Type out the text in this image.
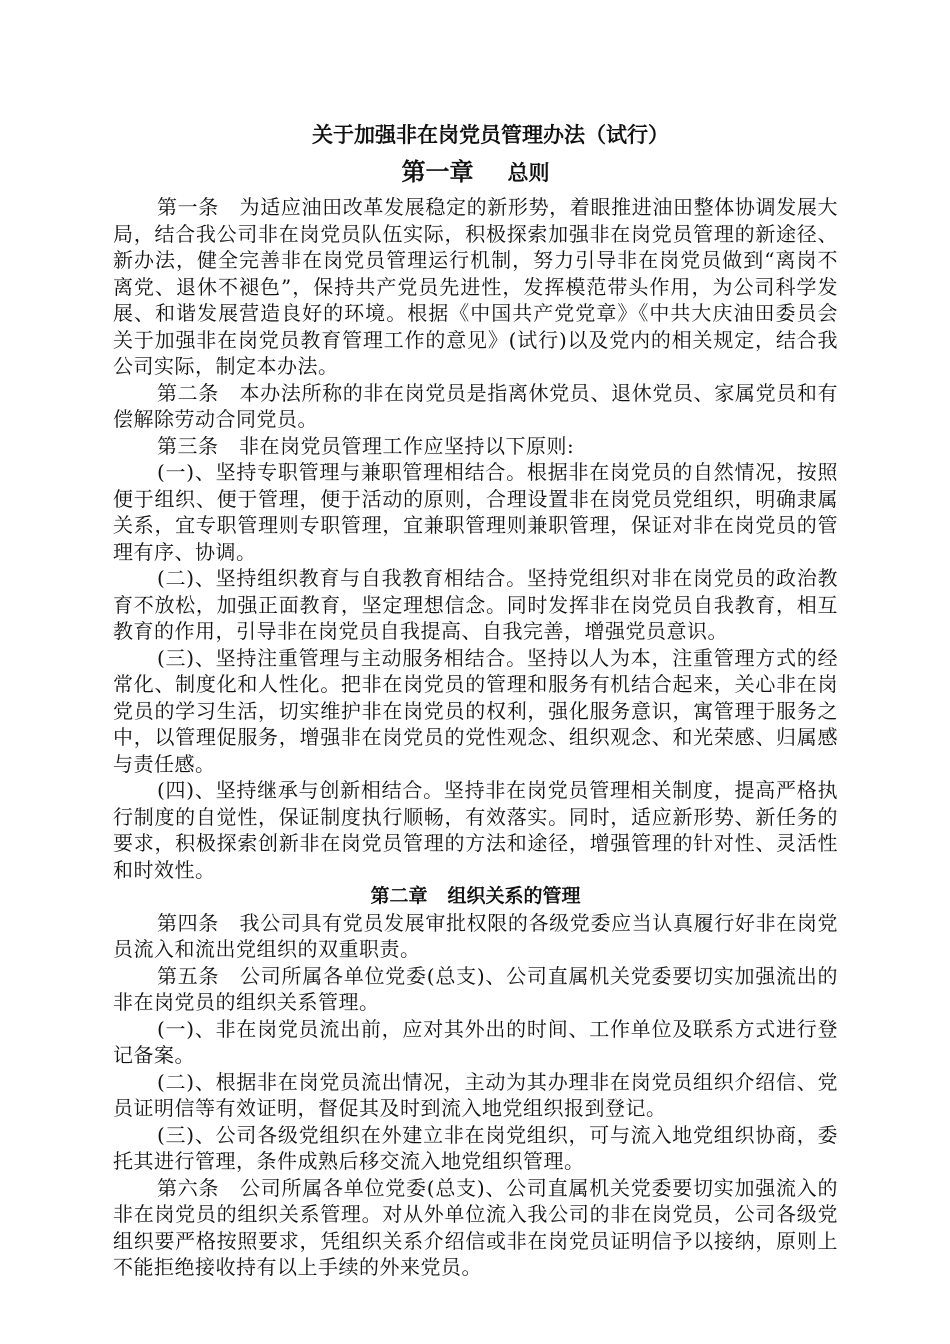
关于加强非在岗党员管理办法（试行）
第一章 总则

第一条　为适应油田改革发展稳定的新形势，着眼推进油田整体协调发展大局，结合我公司非在岗党员队伍实际，积极探索加强非在岗党员管理的新途径、新办法，健全完善非在岗党员管理运行机制，努力引导非在岗党员做到“离岗不离党、退休不褪色”，保持共产党员先进性，发挥模范带头作用，为公司科学发展、和谐发展营造良好的环境。根据《中国共产党党章》《中共大庆油田委员会关于加强非在岗党员教育管理工作的意见》(试行)以及党内的相关规定，结合我公司实际，制定本办法。

第二条　本办法所称的非在岗党员是指离休党员、退休党员、家属党员和有偿解除劳动合同党员。

第三条　非在岗党员管理工作应坚持以下原则:

(一)、坚持专职管理与兼职管理相结合。根据非在岗党员的自然情况，按照便于组织、便于管理，便于活动的原则，合理设置非在岗党员党组织，明确隶属关系，宜专职管理则专职管理，宜兼职管理则兼职管理，保证对非在岗党员的管理有序、协调。

(二)、坚持组织教育与自我教育相结合。坚持党组织对非在岗党员的政治教育不放松，加强正面教育，坚定理想信念。同时发挥非在岗党员自我教育，相互教育的作用，引导非在岗党员自我提高、自我完善，增强党员意识。

(三)、坚持注重管理与主动服务相结合。坚持以人为本，注重管理方式的经常化、制度化和人性化。把非在岗党员的管理和服务有机结合起来，关心非在岗党员的学习生活，切实维护非在岗党员的权利，强化服务意识，寓管理于服务之中，以管理促服务，增强非在岗党员的党性观念、组织观念、和光荣感、归属感与责任感。

(四)、坚持继承与创新相结合。坚持非在岗党员管理相关制度，提高严格执行制度的自觉性，保证制度执行顺畅，有效落实。同时，适应新形势、新任务的要求，积极探索创新非在岗党员管理的方法和途径，增强管理的针对性、灵活性和时效性。

第二章 组织关系的管理

第四条　我公司具有党员发展审批权限的各级党委应当认真履行好非在岗党员流入和流出党组织的双重职责。

第五条　公司所属各单位党委(总支)、公司直属机关党委要切实加强流出的非在岗党员的组织关系管理。

(一)、非在岗党员流出前，应对其外出的时间、工作单位及联系方式进行登记备案。

(二)、根据非在岗党员流出情况，主动为其办理非在岗党员组织介绍信、党员证明信等有效证明，督促其及时到流入地党组织报到登记。

(三)、公司各级党组织在外建立非在岗党组织，可与流入地党组织协商，委托其进行管理，条件成熟后移交流入地党组织管理。

第六条　公司所属各单位党委(总支)、公司直属机关党委要切实加强流入的非在岗党员的组织关系管理。对从外单位流入我公司的非在岗党员，公司各级党组织要严格按照要求，凭组织关系介绍信或非在岗党员证明信予以接纳，原则上不能拒绝接收持有以上手续的外来党员。
